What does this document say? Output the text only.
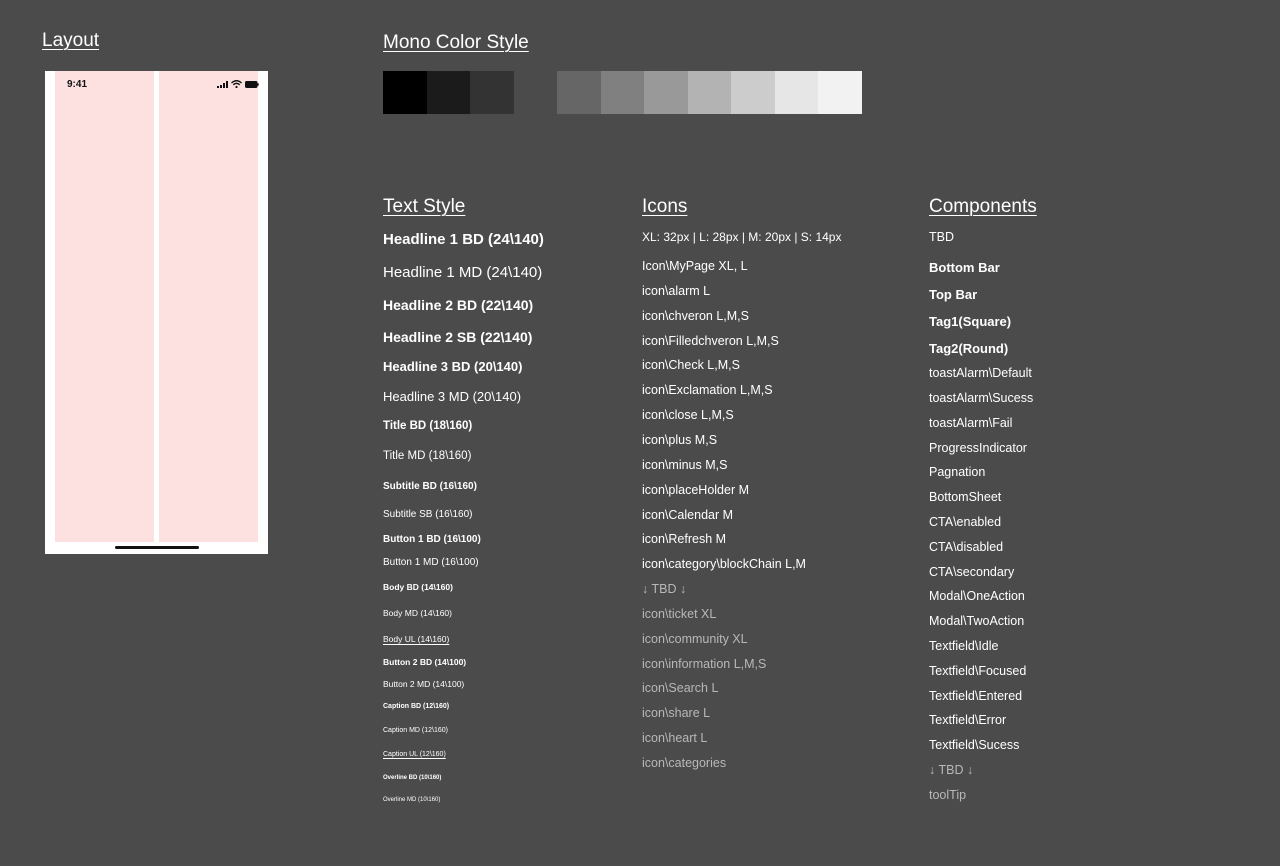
Layout	Mono Color Style
Text Style	Icons	Components
9:41
Headline 1 BD (24\140)
Headline 1 MD (24\140)
Headline 2 BD (22\140)
Headline 2 SB (22\140)
Headline 3 BD (20\140)
Headline 3 MD (20\140)
Title BD (18\160)
Title MD (18\160)
Subtitle BD (16\160)
Subtitle SB (16\160)
Button 1 BD (16\100)
Button 1 MD (16\100)
Body BD (14\160)
Body MD (14\160)
Body UL (14\160)
Button 2 BD (14\100)
Button 2 MD (14\100)
Caption BD (12\160)
Caption MD (12\160)
Caption UL (12\160)
Overline BD (10\160)
Overline MD (10\160)
XL: 32px | L: 28px | M: 20px | S: 14px
Icon\MyPage XL, L
icon\alarm L
icon\chveron L,M,S
icon\Filledchveron L,M,S
icon\Check L,M,S
icon\Exclamation L,M,S
icon\close L,M,S
icon\plus M,S
icon\minus M,S
icon\placeHolder M
icon\Calendar M
icon\Refresh M
icon\category\blockChain L,M
↓ TBD ↓
icon\ticket XL
icon\community XL
icon\information L,M,S
icon\Search L
icon\share L
icon\heart L
icon\categories
TBD
Bottom Bar
Top Bar
Tag1(Square)
Tag2(Round)
toastAlarm\Default
toastAlarm\Sucess
toastAlarm\Fail
ProgressIndicator
Pagnation
BottomSheet
CTA\enabled
CTA\disabled
CTA\secondary
Modal\OneAction
Modal\TwoAction
Textfield\Idle
Textfield\Focused
Textfield\Entered
Textfield\Error
Textfield\Sucess
↓ TBD ↓
toolTip
